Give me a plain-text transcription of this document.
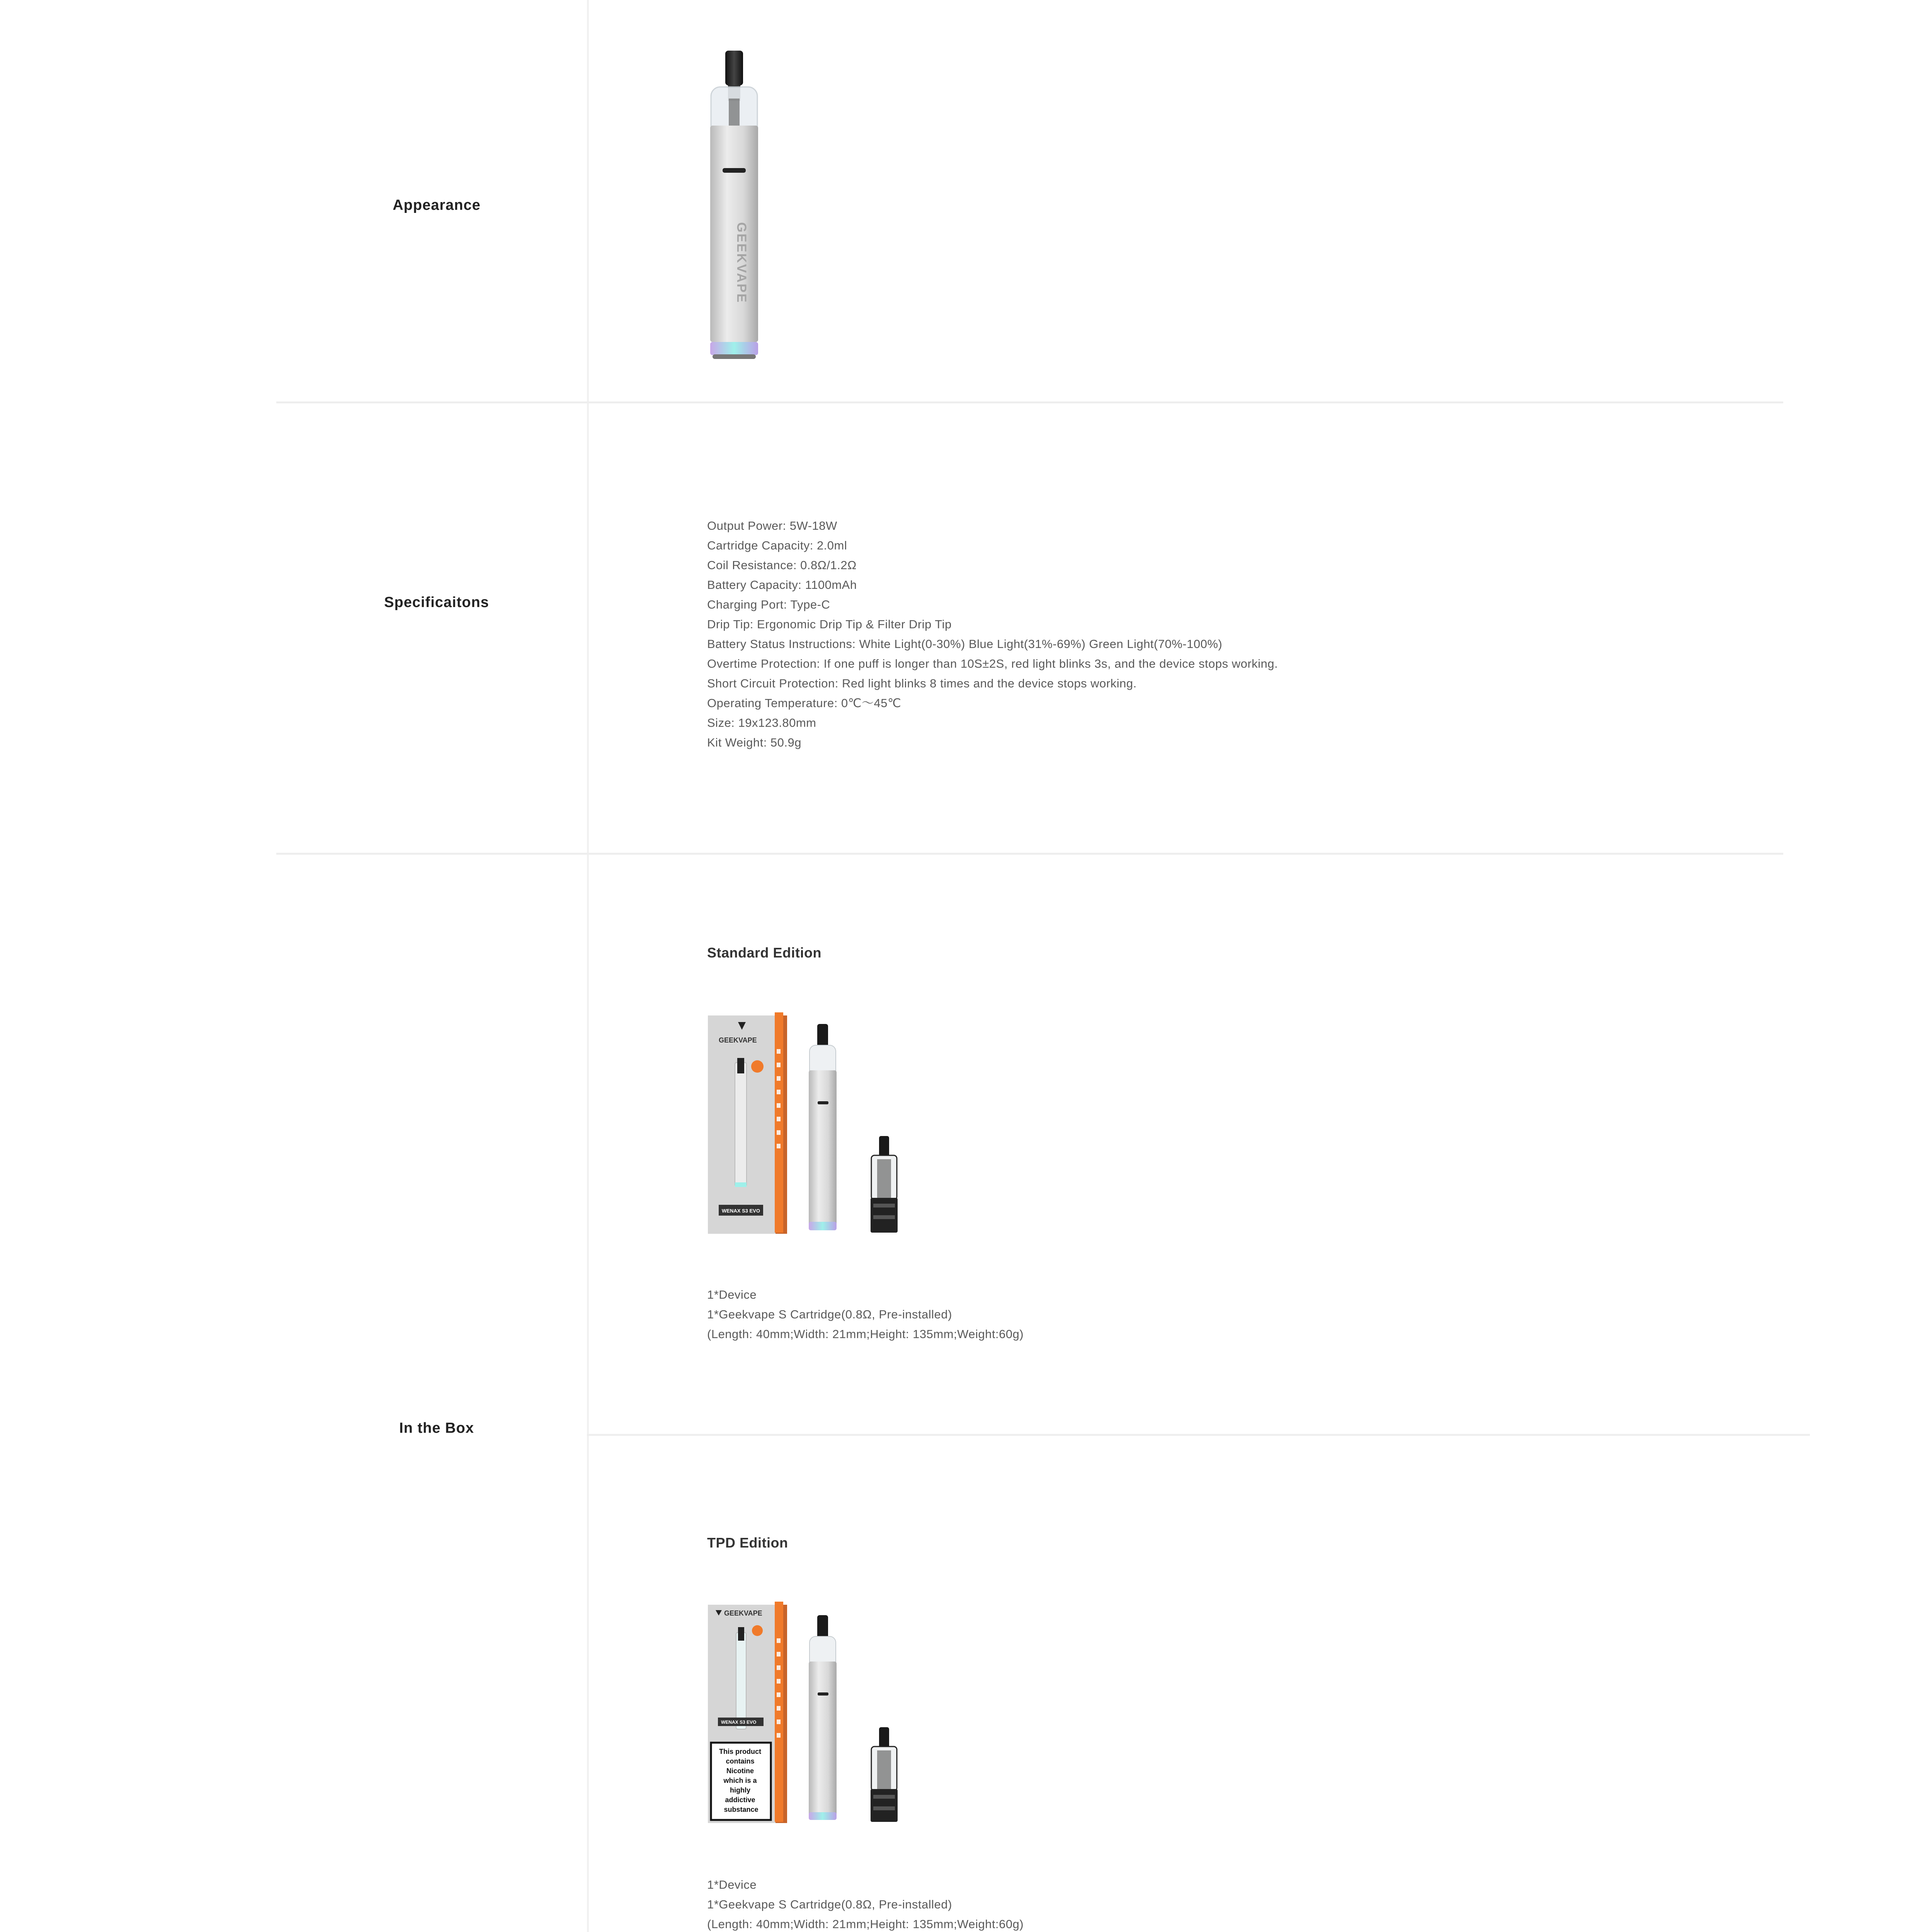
Appearance
Specificaitons
In the Box
GEEKVAPE
Output Power: 5W-18W
Cartridge Capacity: 2.0ml
Coil Resistance: 0.8Ω/1.2Ω
Battery Capacity: 1100mAh
Charging Port: Type-C
Drip Tip: Ergonomic Drip Tip & Filter Drip Tip
Battery Status Instructions: White Light(0-30%) Blue Light(31%-69%) Green Light(70%-100%)
Overtime Protection: If one puff is longer than 10S±2S, red light blinks 3s, and the device stops working.
Short Circuit Protection: Red light blinks 8 times and the device stops working.
Operating Temperature: 0℃～45℃
Size: 19x123.80mm
Kit Weight: 50.9g
Standard Edition
GEEKVAPE
WENAX S3 EVO
1*Device
1*Geekvape S Cartridge(0.8Ω, Pre-installed)
(Length: 40mm;Width: 21mm;Height: 135mm;Weight:60g)
TPD Edition
GEEKVAPE
WENAX S3 EVO
This product contains Nicotine which is a highly addictive substance
1*Device
1*Geekvape S Cartridge(0.8Ω, Pre-installed)
(Length: 40mm;Width: 21mm;Height: 135mm;Weight:60g)
